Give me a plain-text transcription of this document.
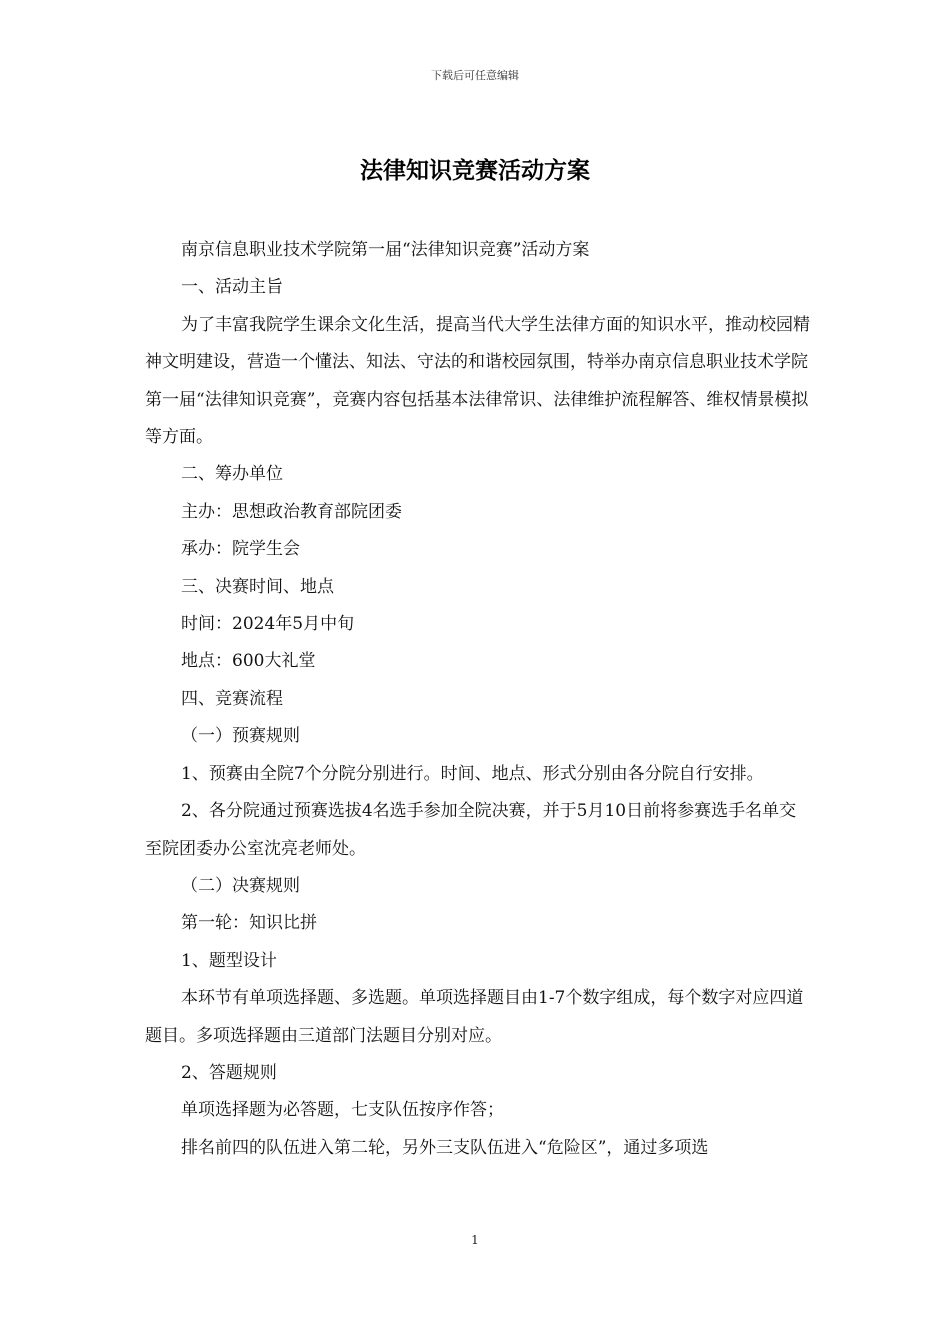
下载后可任意编辑
法律知识竞赛活动方案

南京信息职业技术学院第一届“法律知识竞赛”活动方案

一、活动主旨

为了丰富我院学生课余文化生活，提高当代大学生法律方面的知识水平，推动校园精神文明建设，营造一个懂法、知法、守法的和谐校园氛围，特举办南京信息职业技术学院第一届“法律知识竞赛”，竞赛内容包括基本法律常识、法律维护流程解答、维权情景模拟等方面。

二、筹办单位

主办：思想政治教育部院团委

承办：院学生会

三、决赛时间、地点

时间：2024年5月中旬

地点：600大礼堂

四、竞赛流程

（一）预赛规则

1、预赛由全院7个分院分别进行。时间、地点、形式分别由各分院自行安排。

2、各分院通过预赛选拔4名选手参加全院决赛，并于5月10日前将参赛选手名单交至院团委办公室沈亮老师处。

（二）决赛规则

第一轮：知识比拼

1、题型设计

本环节有单项选择题、多选题。单项选择题目由1-7个数字组成，每个数字对应四道题目。多项选择题由三道部门法题目分别对应。

2、答题规则

单项选择题为必答题，七支队伍按序作答；

排名前四的队伍进入第二轮，另外三支队伍进入“危险区”，通过多项选

1
